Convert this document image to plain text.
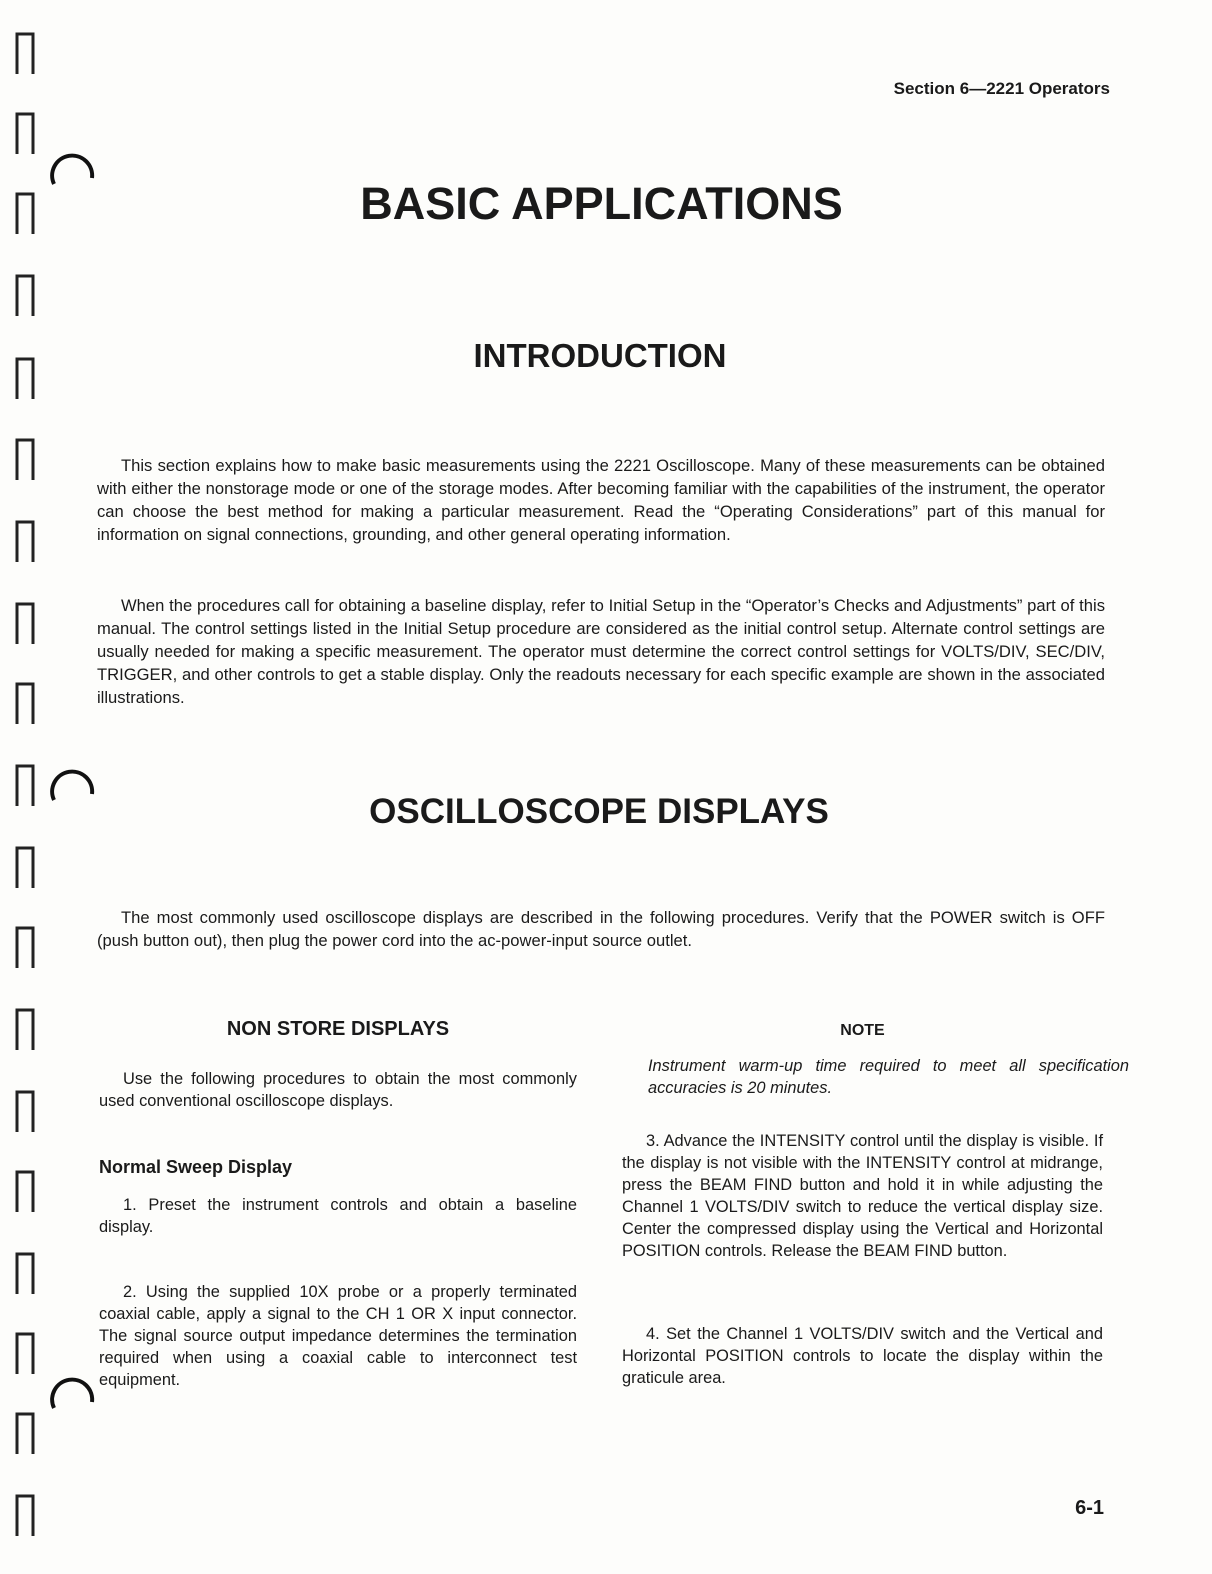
Section 6—2221 Operators
BASIC APPLICATIONS
INTRODUCTION

This section explains how to make basic measurements using the 2221 Oscilloscope. Many of these measurements can be obtained with either the nonstorage mode or one of the storage modes. After becoming familiar with the capabilities of the instrument, the operator can choose the best method for making a particular measurement. Read the “Operating Considerations” part of this manual for information on signal connections, grounding, and other general operating information.

When the procedures call for obtaining a baseline display, refer to Initial Setup in the “Operator’s Checks and Adjustments” part of this manual. The control settings listed in the Initial Setup procedure are considered as the initial control setup. Alternate control settings are usually needed for making a specific measurement. The operator must determine the correct control settings for VOLTS/DIV, SEC/DIV, TRIGGER, and other controls to get a stable display. Only the readouts necessary for each specific example are shown in the associated illustrations.

OSCILLOSCOPE DISPLAYS

The most commonly used oscilloscope displays are described in the following procedures. Verify that the POWER switch is OFF (push button out), then plug the power cord into the ac-power-input source outlet.

NON STORE DISPLAYS

Use the following procedures to obtain the most commonly used conventional oscilloscope displays.

Normal Sweep Display

1. Preset the instrument controls and obtain a baseline display.

2. Using the supplied 10X probe or a properly terminated coaxial cable, apply a signal to the CH 1 OR X input connector. The signal source output impedance determines the termination required when using a coaxial cable to interconnect test equipment.

NOTE

Instrument warm-up time required to meet all specification accuracies is 20 minutes.

3. Advance the INTENSITY control until the display is visible. If the display is not visible with the INTENSITY control at midrange, press the BEAM FIND button and hold it in while adjusting the Channel 1 VOLTS/DIV switch to reduce the vertical display size. Center the compressed display using the Vertical and Horizontal POSITION controls. Release the BEAM FIND button.

4. Set the Channel 1 VOLTS/DIV switch and the Vertical and Horizontal POSITION controls to locate the display within the graticule area.

6-1
